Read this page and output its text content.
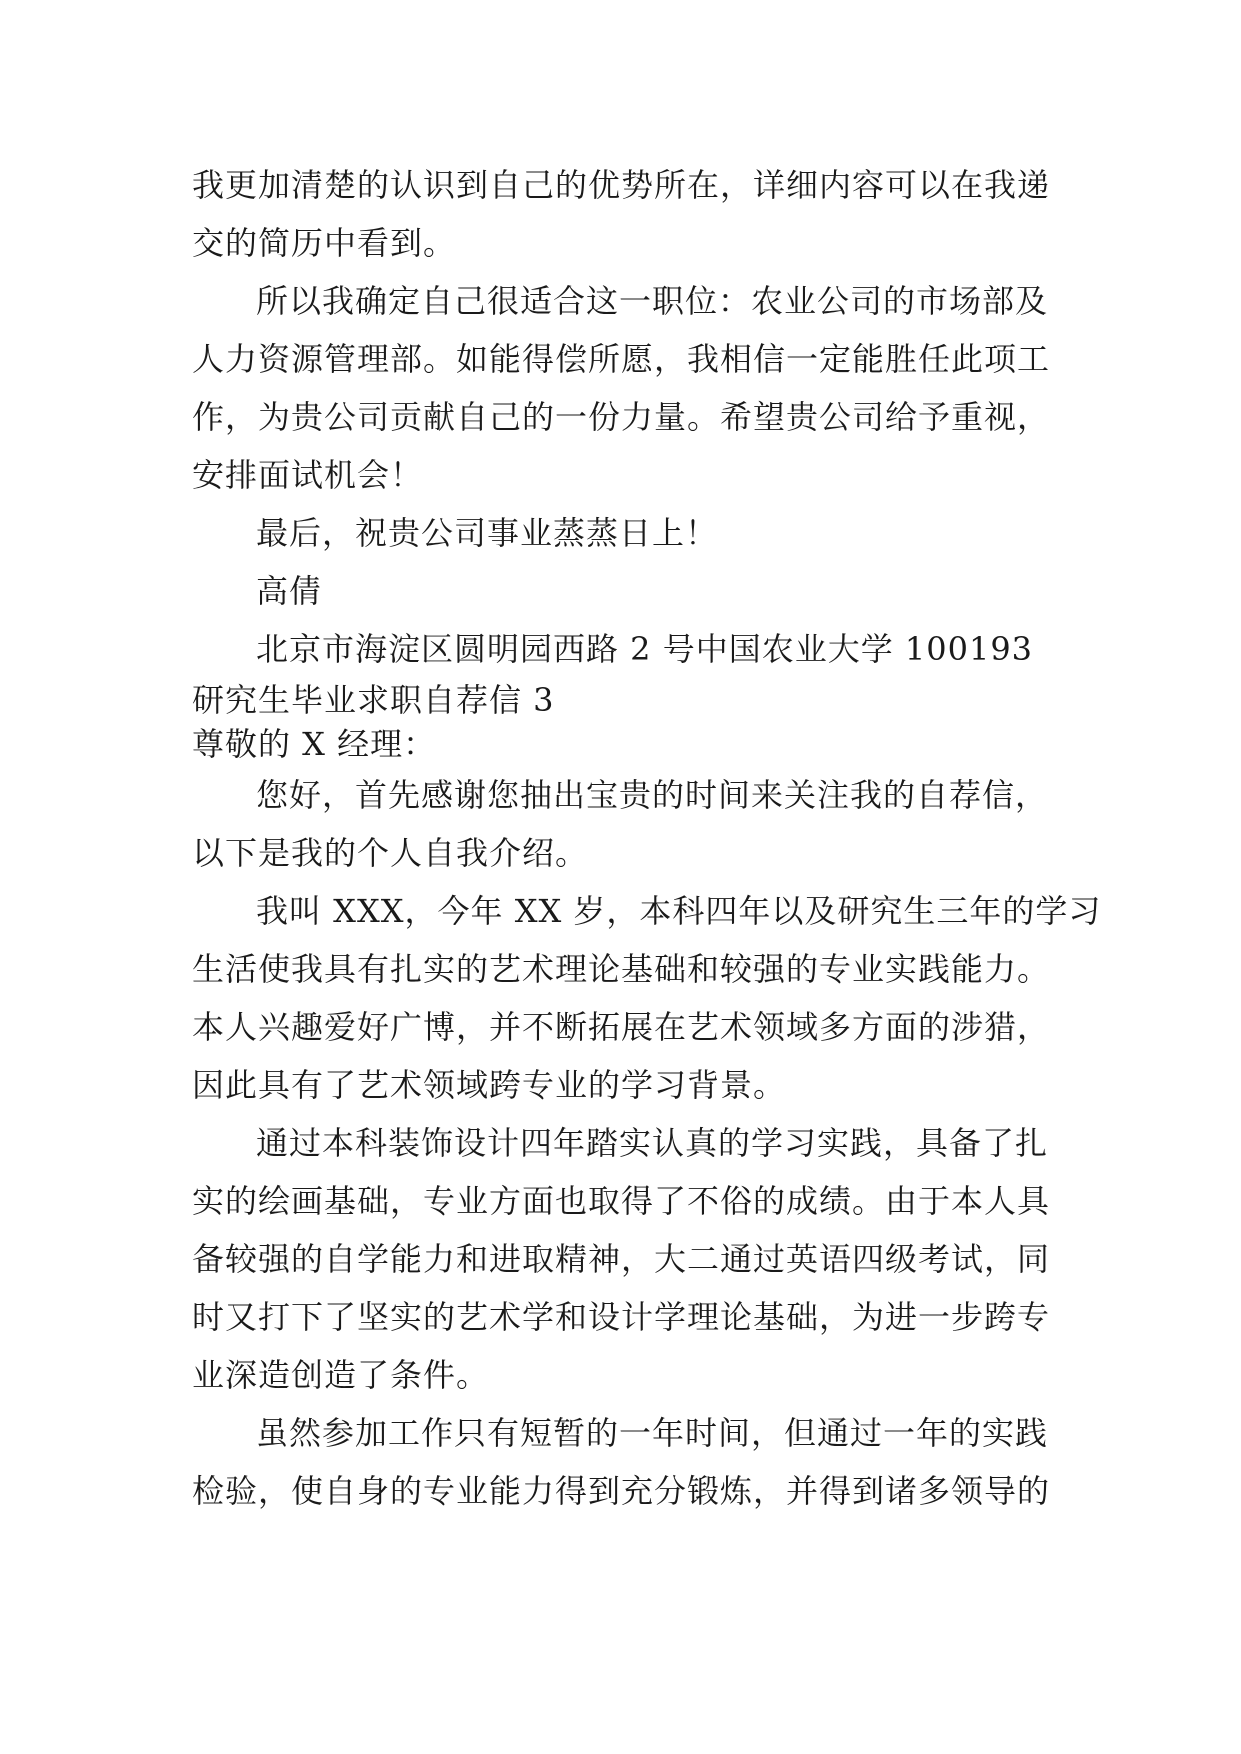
我更加清楚的认识到自己的优势所在，详细内容可以在我递
交的简历中看到。
所以我确定自己很适合这一职位：农业公司的市场部及
人力资源管理部。如能得偿所愿，我相信一定能胜任此项工
作，为贵公司贡献自己的一份力量。希望贵公司给予重视，
安排面试机会！
最后，祝贵公司事业蒸蒸日上！
高倩
北京市海淀区圆明园西路 2 号中国农业大学 100193
研究生毕业求职自荐信 3
尊敬的 X 经理：
您好，首先感谢您抽出宝贵的时间来关注我的自荐信，
以下是我的个人自我介绍。
我叫 XXX，今年 XX 岁，本科四年以及研究生三年的学习
生活使我具有扎实的艺术理论基础和较强的专业实践能力。
本人兴趣爱好广博，并不断拓展在艺术领域多方面的涉猎，
因此具有了艺术领域跨专业的学习背景。
通过本科装饰设计四年踏实认真的学习实践，具备了扎
实的绘画基础，专业方面也取得了不俗的成绩。由于本人具
备较强的自学能力和进取精神，大二通过英语四级考试，同
时又打下了坚实的艺术学和设计学理论基础，为进一步跨专
业深造创造了条件。
虽然参加工作只有短暂的一年时间，但通过一年的实践
检验，使自身的专业能力得到充分锻炼，并得到诸多领导的
